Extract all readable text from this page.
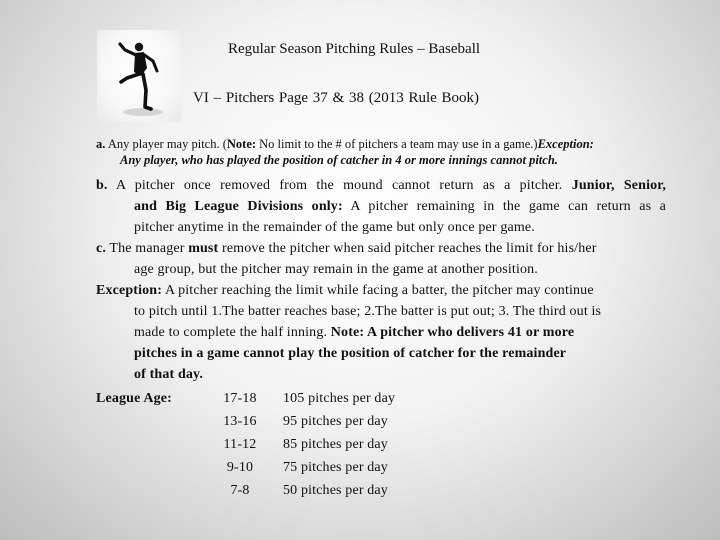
Regular Season Pitching Rules – Baseball
VI – Pitchers Page 37 & 38 (2013 Rule Book)
a. Any player may pitch. (Note: No limit to the # of pitchers a team may use in a game.)Exception:
Any player, who has played the position of catcher in 4 or more innings cannot pitch.
b. A pitcher once removed from the mound cannot return as a pitcher. Junior, Senior,
and Big League Divisions only: A pitcher remaining in the game can return as a
pitcher anytime in the remainder of the game but only once per game.
c. The manager must remove the pitcher when said pitcher reaches the limit for his/her
age group, but the pitcher may remain in the game at another position.
Exception: A pitcher reaching the limit while facing a batter, the pitcher may continue
to pitch until 1.The batter reaches base; 2.The batter is put out; 3. The third out is
made to complete the half inning. Note: A pitcher who delivers 41 or more
pitches in a game cannot play the position of catcher for the remainder
of that day.
League Age:	17-18	105 pitches per day
13-16	95 pitches per day
11-12	85 pitches per day
9-10	75 pitches per day
7-8	50 pitches per day
